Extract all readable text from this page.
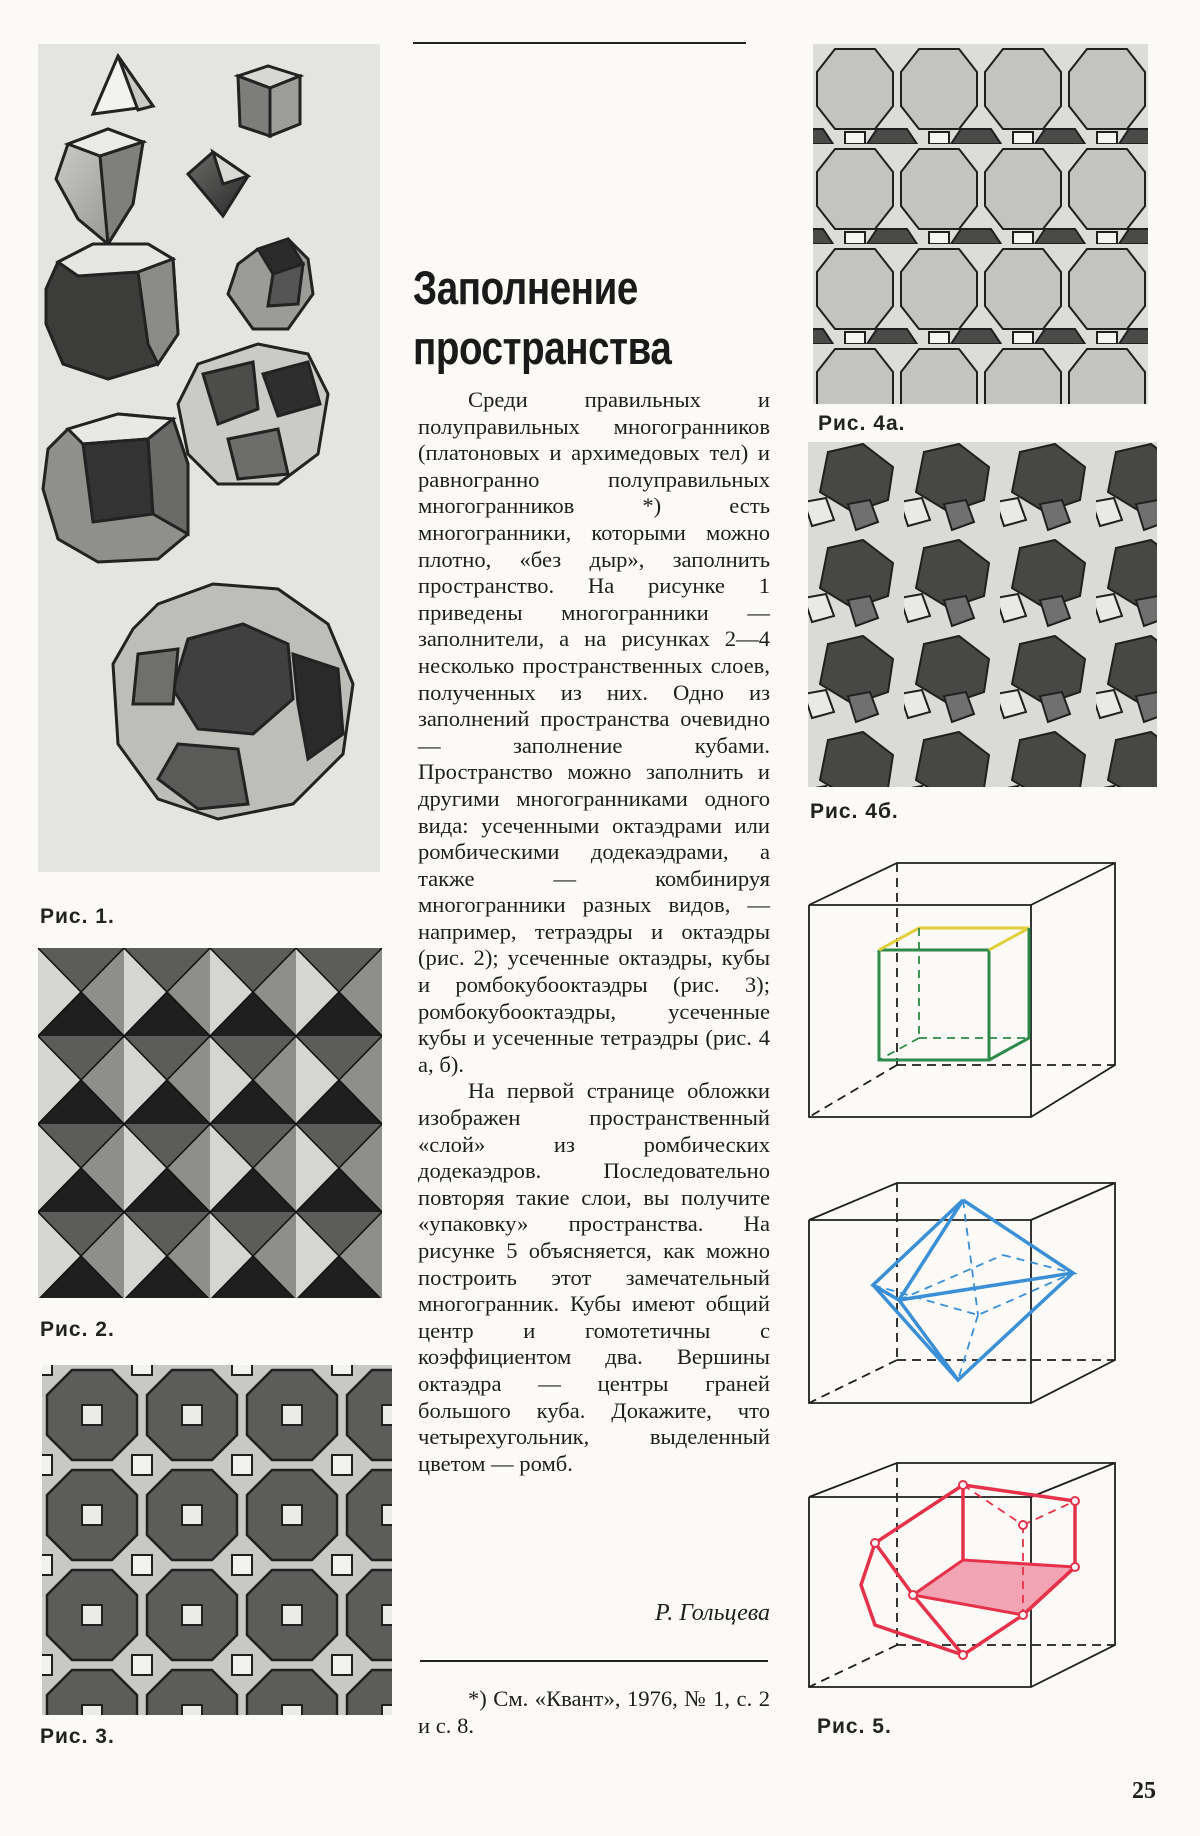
Рис. 1.
Рис. 2.
Рис. 3.
Заполнение пространства

Среди правильных и полуправильных многогранников (платоновых и архимедовых тел) и равногранно полуправильных многогранников *) есть многогранники, которыми можно плотно, «без дыр», заполнить пространство. На рисунке 1 приведены многогранники — заполнители, а на рисунках 2—4 несколько пространственных слоев, полученных из них. Одно из заполнений пространства очевидно — заполнение кубами. Пространство можно заполнить и другими многогранниками одного вида: усеченными октаэдрами или ромбическими додекаэдрами, а также — комбинируя многогранники разных видов, — например, тетраэдры и октаэдры (рис. 2); усеченные октаэдры, кубы и ромбокубооктаэдры (рис. 3); ромбокубооктаэдры, усеченные кубы и усеченные тетраэдры (рис. 4 а, б).

На первой странице обложки изображен пространственный «слой» из ромбических додекаэдров. Последовательно повторяя такие слои, вы получите «упаковку» пространства. На рисунке 5 объясняется, как можно построить этот замечательный многогранник. Кубы имеют общий центр и гомотетичны с коэффициентом два. Вершины октаэдра — центры граней большого куба. Докажите, что четырехугольник, выделенный цветом — ромб.

Р. Гольцева

*) См. «Квант», 1976, № 1, с. 2 и с. 8.

Рис. 4а.
Рис. 4б.
Рис. 5.
25
